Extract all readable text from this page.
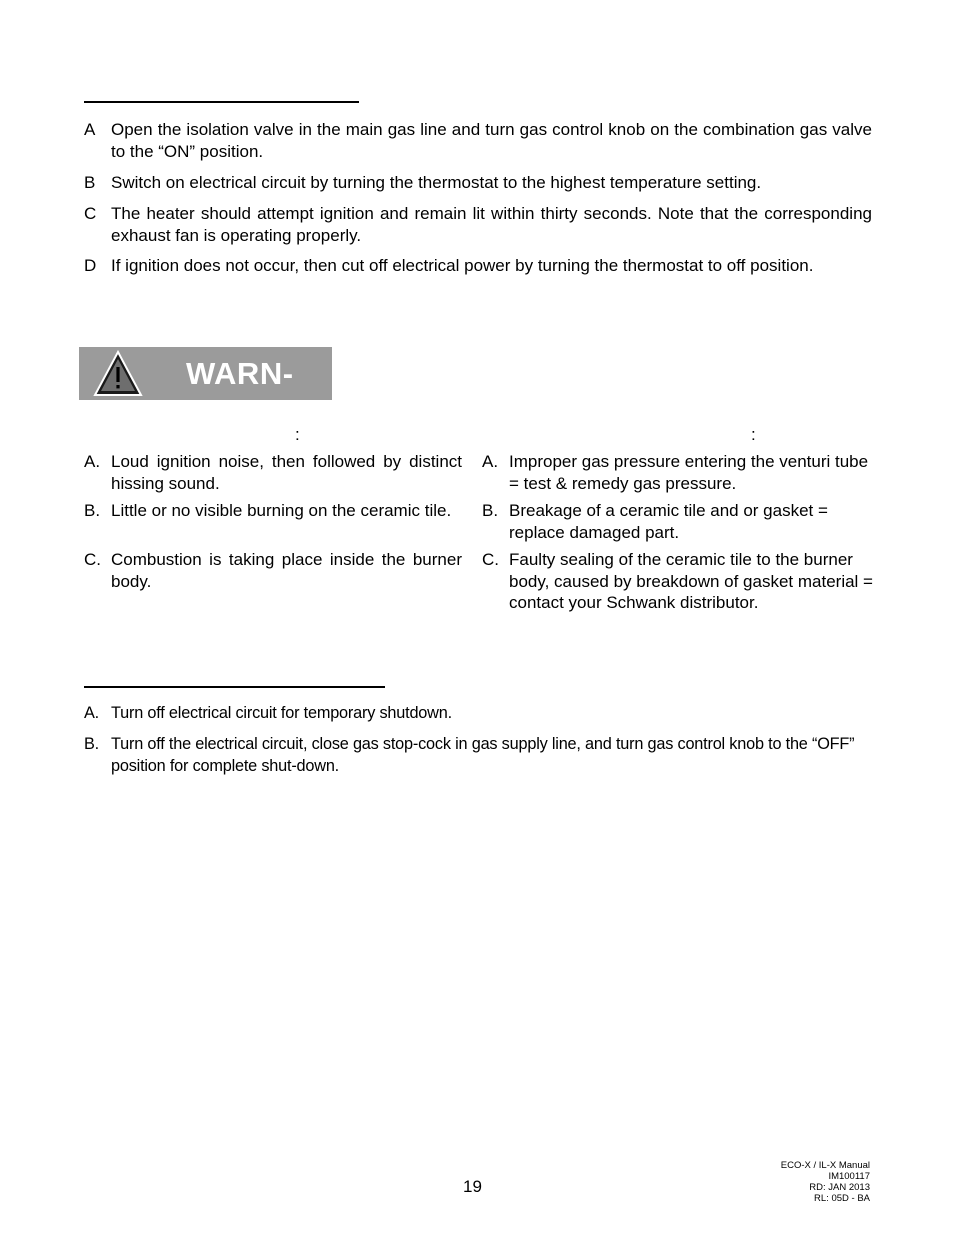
A Open the isolation valve in the main gas line and turn gas control knob on the combination gas valve to the “ON” position.
B Switch on electrical circuit by turning the thermostat to the highest temperature setting.
C The heater should attempt ignition and remain lit within thirty seconds. Note that the corresponding exhaust fan is operating properly.
D If ignition does not occur, then cut off electrical power by turning the thermostat to off position.
WARN-
:	:
A. Loud ignition noise, then followed by distinct hissing sound.
B. Little or no visible burning on the ceramic tile.
C. Combustion is taking place inside the burner body.
A. Improper gas pressure entering the venturi tube = test & remedy gas pressure.
B. Breakage of a ceramic tile and or gasket = replace damaged part.
C. Faulty sealing of the ceramic tile to the burner body, caused by breakdown of gasket material = contact your Schwank distributor.
A. Turn off electrical circuit for temporary shutdown.
B. Turn off the electrical circuit, close gas stop-cock in gas supply line, and turn gas control knob to the “OFF” position for complete shut-down.
19
ECO-X / IL-X Manual
IM100117
RD: JAN 2013
RL: 05D - BA
